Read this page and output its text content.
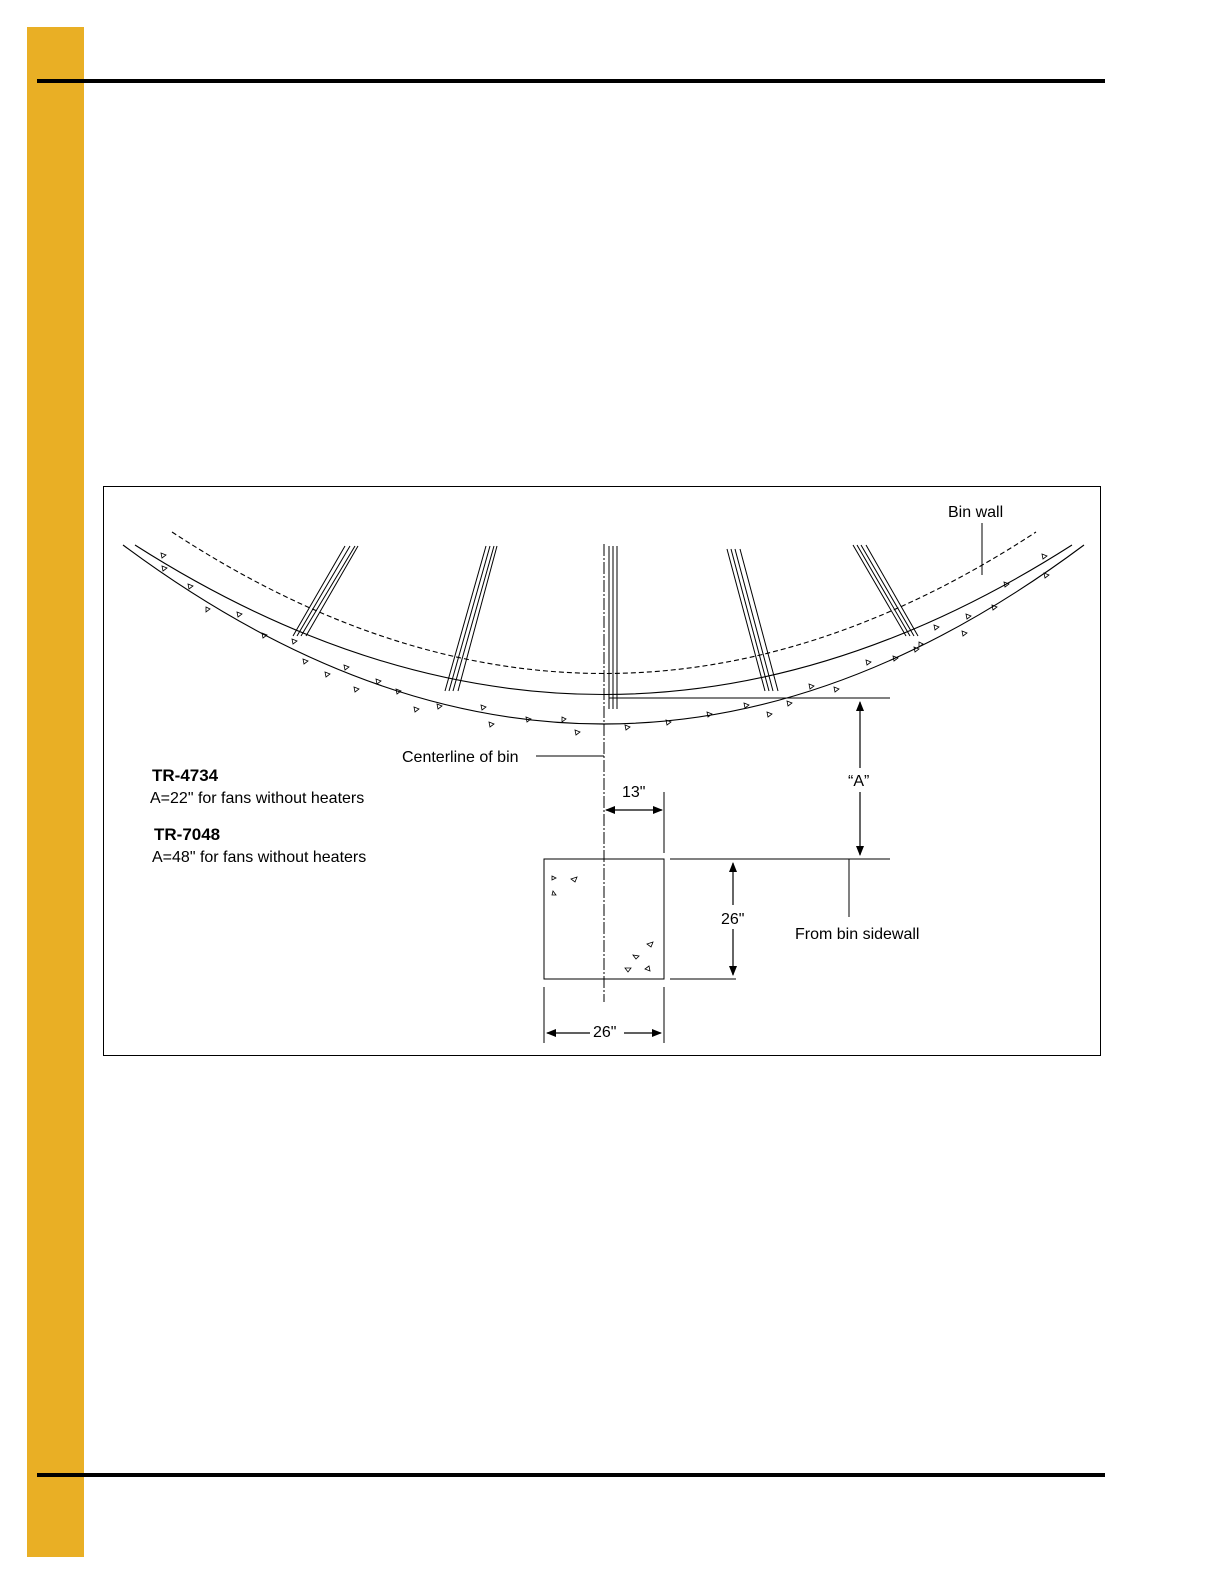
Bin wall
Centerline of bin
13"
26"
“A”
From bin sidewall
26"
TR-4734
A=22" for fans without heaters
TR-7048
A=48" for fans without heaters
